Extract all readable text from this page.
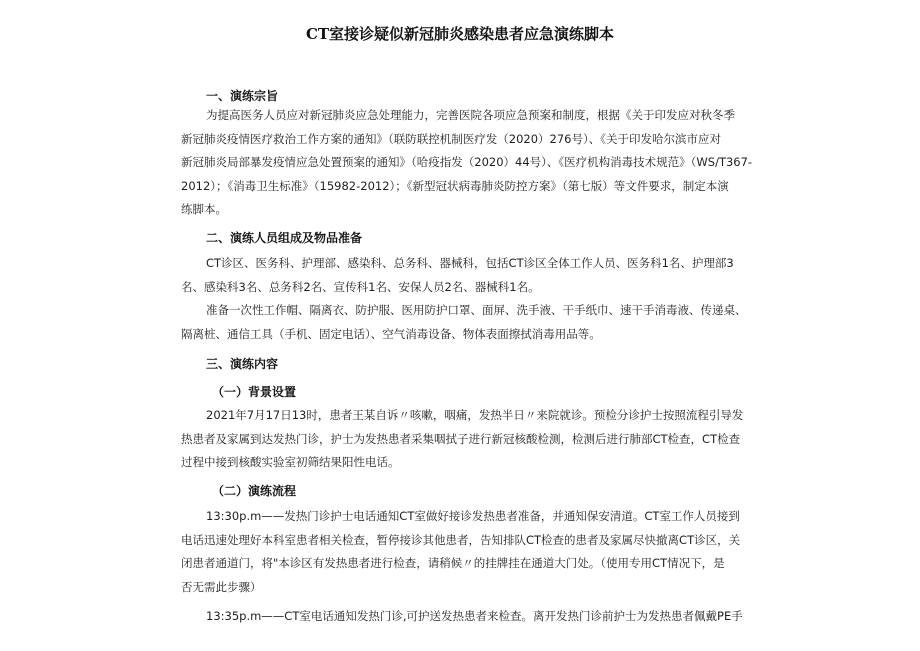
CT室接诊疑似新冠肺炎感染患者应急演练脚本
一、演练宗旨
为提高医务人员应对新冠肺炎应急处理能力，完善医院各项应急预案和制度，根据《关于印发应对秋冬季
新冠肺炎疫情医疗救治工作方案的通知》（联防联控机制医疗发（2020）276号）、《关于印发哈尔滨市应对
新冠肺炎局部暴发疫情应急处置预案的通知》（哈疫指发（2020）44号）、《医疗机构消毒技术规范》（WS/T367-
2012）；《消毒卫生标准》（15982-2012）；《新型冠状病毒肺炎防控方案》（第七版）等文件要求，制定本演
练脚本。
二、演练人员组成及物品准备
CT诊区、医务科、护理部、感染科、总务科、器械科，包括CT诊区全体工作人员、医务科1名、护理部3
名、感染科3名、总务科2名、宣传科1名、安保人员2名、器械科1名。
准备一次性工作帽、隔离衣、防护服、医用防护口罩、面屏、洗手液、干手纸巾、速干手消毒液、传递桌、
隔离桩、通信工具（手机、固定电话）、空气消毒设备、物体表面擦拭消毒用品等。
三、演练内容
（一）背景设置
2021年7月17日13时，患者王某自诉〃咳嗽，咽痛，发热半日〃来院就诊。预检分诊护士按照流程引导发
热患者及家属到达发热门诊，护士为发热患者采集咽拭子进行新冠核酸检测，检测后进行肺部CT检查，CT检查
过程中接到核酸实验室初筛结果阳性电话。
（二）演练流程
13:30p.m——发热门诊护士电话通知CT室做好接诊发热患者准备，并通知保安清道。CT室工作人员接到
电话迅速处理好本科室患者相关检查，暂停接诊其他患者，告知排队CT检查的患者及家属尽快撤离CT诊区，关
闭患者通道门，将"本诊区有发热患者进行检查，请稍候〃的挂牌挂在通道大门处。（使用专用CT情况下，是
否无需此步骤）
13:35p.m——CT室电话通知发热门诊,可护送发热患者来检查。离开发热门诊前护士为发热患者佩戴PE手
